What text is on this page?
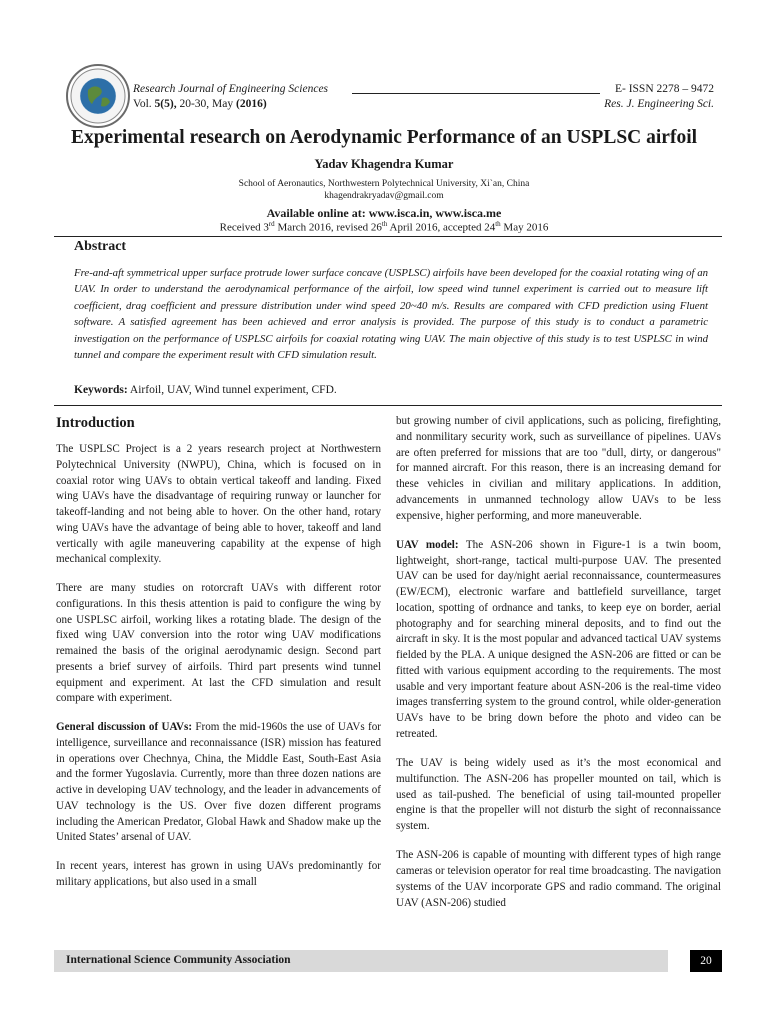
Research Journal of Engineering Sciences
Vol. 5(5), 20-30, May (2016)
E- ISSN 2278 – 9472
Res. J. Engineering Sci.
Experimental research on Aerodynamic Performance of an USPLSC airfoil
Yadav Khagendra Kumar
School of Aeronautics, Northwestern Polytechnical University, Xi`an, China
khagendrakryadav@gmail.com
Available online at: www.isca.in, www.isca.me
Received 3rd March 2016, revised 26th April 2016, accepted 24th May 2016
Abstract
Fre-and-aft symmetrical upper surface protrude lower surface concave (USPLSC) airfoils have been developed for the coaxial rotating wing of an UAV. In order to understand the aerodynamical performance of the airfoil, low speed wind tunnel experiment is carried out to measure lift coefficient, drag coefficient and pressure distribution under wind speed 20~40 m/s. Results are compared with CFD prediction using Fluent software. A satisfied agreement has been achieved and error analysis is provided. The purpose of this study is to conduct a parametric investigation on the performance of USPLSC airfoils for coaxial rotating wing UAV. The main objective of this study is to test USPLSC in wind tunnel and compare the experiment result with CFD simulation result.
Keywords: Airfoil, UAV, Wind tunnel experiment, CFD.
Introduction

The USPLSC Project is a 2 years research project at Northwestern Polytechnical University (NWPU), China, which is focused on in coaxial rotor wing UAVs to obtain vertical takeoff and landing. Fixed wing UAVs have the disadvantage of requiring runway or launcher for takeoff-landing and not being able to hover. On the other hand, rotary wing UAVs have the advantage of being able to hover, takeoff and land vertically with agile maneuvering capability at the expense of high mechanical complexity.

There are many studies on rotorcraft UAVs with different rotor configurations. In this thesis attention is paid to configure the wing by one USPLSC airfoil, working likes a rotating blade. The design of the fixed wing UAV conversion into the rotor wing UAV modifications remained the basis of the original aerodynamic design. Second part presents a brief survey of airfoils. Third part presents wind tunnel equipment and experiment. At last the CFD simulation and result compare with experiment.

General discussion of UAVs: From the mid-1960s the use of UAVs for intelligence, surveillance and reconnaissance (ISR) mission has featured in operations over Chechnya, China, the Middle East, South-East Asia and the former Yugoslavia. Currently, more than three dozen nations are active in developing UAV technology, and the leader in advancements of UAV technology is the US. Over five dozen different programs including the American Predator, Global Hawk and Shadow make up the United States’ arsenal of UAV.

In recent years, interest has grown in using UAVs predominantly for military applications, but also used in a small

but growing number of civil applications, such as policing, firefighting, and nonmilitary security work, such as surveillance of pipelines. UAVs are often preferred for missions that are too "dull, dirty, or dangerous" for manned aircraft. For this reason, there is an increasing demand for these vehicles in civilian and military applications. In addition, advancements in unmanned technology allow UAVs to be less expensive, higher performing, and more maneuverable.

UAV model: The ASN-206 shown in Figure-1 is a twin boom, lightweight, short-range, tactical multi-purpose UAV. The presented UAV can be used for day/night aerial reconnaissance, countermeasures (EW/ECM), electronic warfare and battlefield surveillance, target location, spotting of ordnance and tanks, to keep eye on border, aerial photography and for searching mineral deposits, and to find out the aircraft in sky. It is the most popular and advanced tactical UAV systems fielded by the PLA. A unique designed the ASN-206 are fitted or can be fitted with various equipment according to the requirements. The most usable and very important feature about ASN-206 is the real-time video images transferring system to the ground control, while older-generation UAVs have to be bring down before the photo and video can be retreated.

The UAV is being widely used as it’s the most economical and multifunction. The ASN-206 has propeller mounted on tail, which is used as tail-pushed. The beneficial of using tail-mounted propeller engine is that the propeller will not disturb the sight of reconnaissance system.

The ASN-206 is capable of mounting with different types of high range cameras or television operator for real time broadcasting. The navigation systems of the UAV incorporate GPS and radio command. The original UAV (ASN-206) studied

International Science Community Association	20
